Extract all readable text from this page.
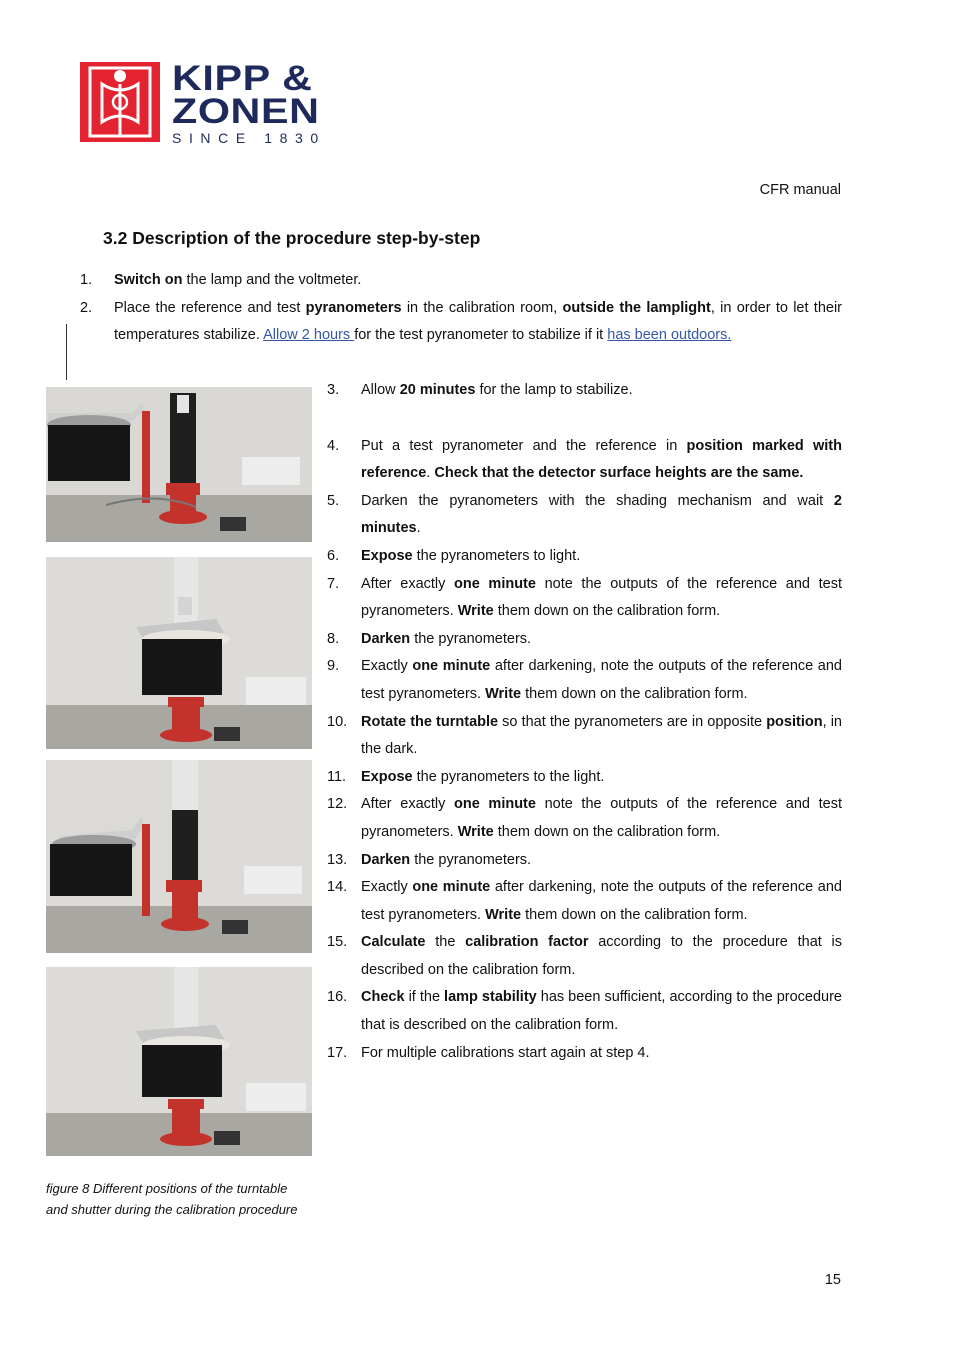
KIPP &
ZONEN
SINCE 1830
CFR manual
3.2 Description of the procedure step-by-step
1. Switch on the lamp and the voltmeter.
2. Place the reference and test pyranometers in the calibration room, outside the lamplight, in order to let their temperatures stabilize. Allow 2 hours for the test pyranometer to stabilize if it has been outdoors.
figure 8 Different positions of the turntable
and shutter during the calibration procedure
3. Allow 20 minutes for the lamp to stabilize.
4. Put a test pyranometer and the reference in position marked with reference. Check that the detector surface heights are the same.
5. Darken the pyranometers with the shading mechanism and wait 2 minutes.
6. Expose the pyranometers to light.
7. After exactly one minute note the outputs of the reference and test pyranometers. Write them down on the calibration form.
8. Darken the pyranometers.
9. Exactly one minute after darkening, note the outputs of the reference and test pyranometers. Write them down on the calibration form.
10. Rotate the turntable so that the pyranometers are in opposite position, in the dark.
11. Expose the pyranometers to the light.
12. After exactly one minute note the outputs of the reference and test pyranometers. Write them down on the calibration form.
13. Darken the pyranometers.
14. Exactly one minute after darkening, note the outputs of the reference and test pyranometers. Write them down on the calibration form.
15. Calculate the calibration factor according to the procedure that is described on the calibration form.
16. Check if the lamp stability has been sufficient, according to the procedure that is described on the calibration form.
17. For multiple calibrations start again at step 4.
15
